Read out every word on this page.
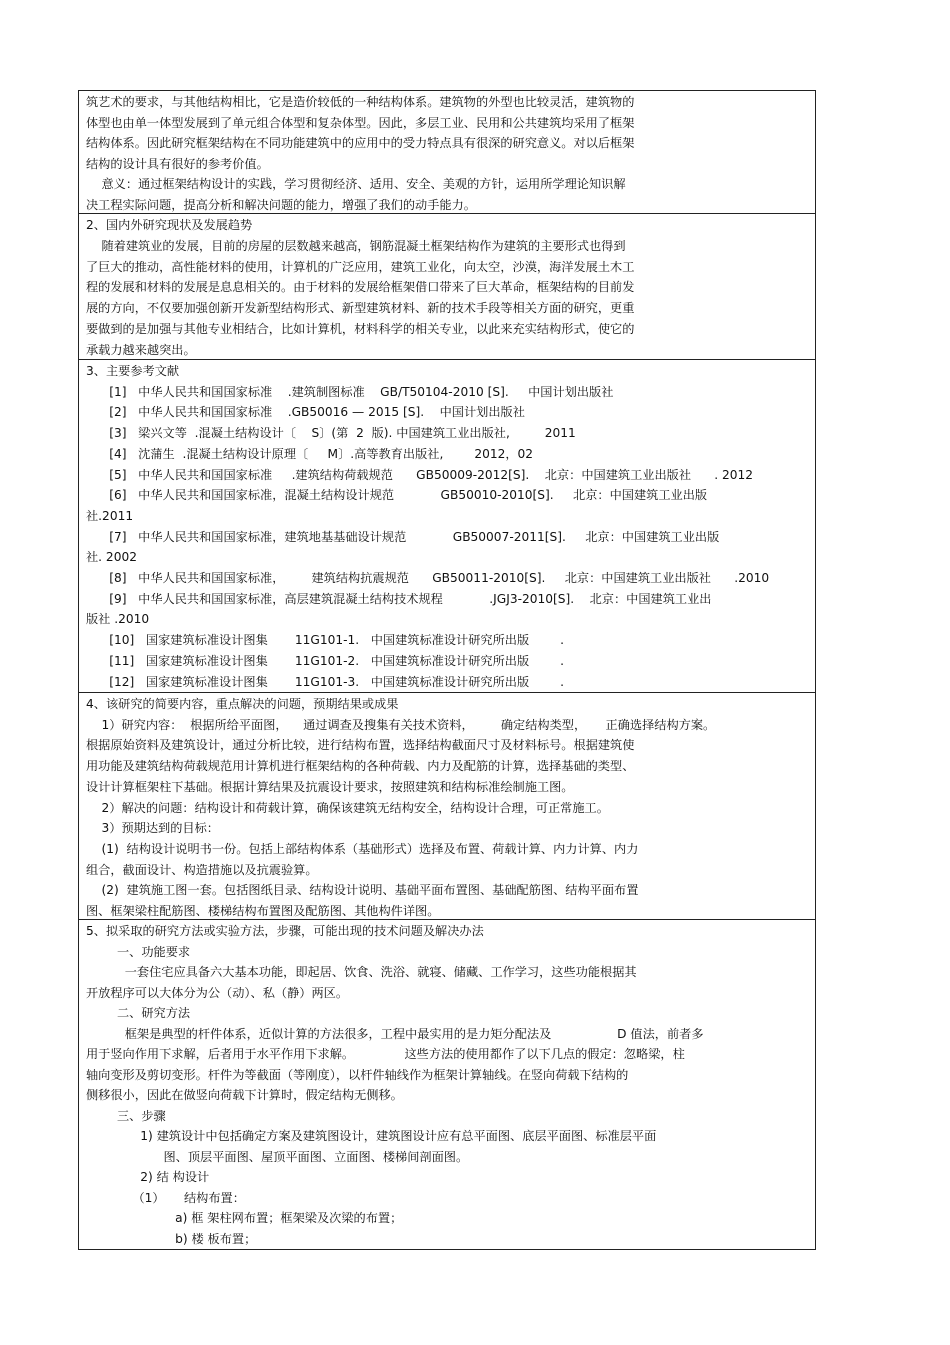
筑艺术的要求，与其他结构相比，它是造价较低的一种结构体系。建筑物的外型也比较灵活，建筑物的
体型也由单一体型发展到了单元组合体型和复杂体型。因此，多层工业、民用和公共建筑均采用了框架
结构体系。因此研究框架结构在不同功能建筑中的应用中的受力特点具有很深的研究意义。对以后框架
结构的设计具有很好的参考价值。
意义：通过框架结构设计的实践，学习贯彻经济、适用、安全、美观的方针，运用所学理论知识解
决工程实际问题，提高分析和解决问题的能力，增强了我们的动手能力。
2、国内外研究现状及发展趋势
随着建筑业的发展，目前的房屋的层数越来越高，钢筋混凝土框架结构作为建筑的主要形式也得到
了巨大的推动，高性能材料的使用，计算机的广泛应用，建筑工业化，向太空，沙漠，海洋发展土木工
程的发展和材料的发展是息息相关的。由于材料的发展给框架借口带来了巨大革命，框架结构的目前发
展的方向，不仅要加强创新开发新型结构形式、新型建筑材料、新的技术手段等相关方面的研究，更重
要做到的是加强与其他专业相结合，比如计算机，材料科学的相关专业，以此来充实结构形式，使它的
承载力越来越突出。
3、主要参考文献
[1]   中华人民共和国国家标准    .建筑制图标准    GB/T50104-2010 [S].     中国计划出版社
[2]   中华人民共和国国家标准    .GB50016 — 2015 [S].    中国计划出版社
[3]   梁兴文等  .混凝土结构设计〔    S〕(第  2  版). 中国建筑工业出版社,         2011
[4]   沈蒲生  .混凝土结构设计原理〔     M〕.高等教育出版社,        2012，02
[5]   中华人民共和国国家标准     .建筑结构荷载规范      GB50009-2012[S].    北京：中国建筑工业出版社      . 2012
[6]   中华人民共和国国家标准，混凝土结构设计规范            GB50010-2010[S].     北京：中国建筑工业出版
社.2011
[7]   中华人民共和国国家标准，建筑地基基础设计规范            GB50007-2011[S].     北京：中国建筑工业出版
社. 2002
[8]   中华人民共和国国家标准，       建筑结构抗震规范      GB50011-2010[S].     北京：中国建筑工业出版社      .2010
[9]   中华人民共和国国家标准，高层建筑混凝土结构技术规程            .JGJ3-2010[S].    北京：中国建筑工业出
版社 .2010
[10]   国家建筑标准设计图集       11G101-1.   中国建筑标准设计研究所出版        .
[11]   国家建筑标准设计图集       11G101-2.   中国建筑标准设计研究所出版        .
[12]   国家建筑标准设计图集       11G101-3.   中国建筑标准设计研究所出版        .
4、该研究的简要内容，重点解决的问题，预期结果或成果
1）研究内容：  根据所给平面图，    通过调查及搜集有关技术资料，       确定结构类型，     正确选择结构方案。
根据原始资料及建筑设计，通过分析比较，进行结构布置，选择结构截面尺寸及材料标号。根据建筑使
用功能及建筑结构荷载规范用计算机进行框架结构的各种荷载、内力及配筋的计算，选择基础的类型、
设计计算框架柱下基础。根据计算结果及抗震设计要求，按照建筑和结构标准绘制施工图。
2）解决的问题：结构设计和荷载计算，确保该建筑无结构安全，结构设计合理，可正常施工。
3）预期达到的目标：
(1)  结构设计说明书一份。包括上部结构体系（基础形式）选择及布置、荷载计算、内力计算、内力
组合，截面设计、构造措施以及抗震验算。
(2)  建筑施工图一套。包括图纸目录、结构设计说明、基础平面布置图、基础配筋图、结构平面布置
图、框架梁柱配筋图、楼梯结构布置图及配筋图、其他构件详图。
5、拟采取的研究方法或实验方法，步骤，可能出现的技术问题及解决办法
一、功能要求
一套住宅应具备六大基本功能，即起居、饮食、洗浴、就寝、储藏、工作学习，这些功能根据其
开放程序可以大体分为公（动）、私（静）两区。
二、研究方法
框架是典型的杆件体系，近似计算的方法很多，工程中最实用的是力矩分配法及                 D 值法，前者多
用于竖向作用下求解，后者用于水平作用下求解。             这些方法的使用都作了以下几点的假定：忽略梁，柱
轴向变形及剪切变形。杆件为等截面（等刚度），以杆件轴线作为框架计算轴线。在竖向荷载下结构的
侧移很小，因此在做竖向荷载下计算时，假定结构无侧移。
三、步骤
1) 建筑设计中包括确定方案及建筑图设计，建筑图设计应有总平面图、底层平面图、标准层平面
图、顶层平面图、屋顶平面图、立面图、楼梯间剖面图。
2) 结 构设计
（1）     结构布置：
a) 框 架柱网布置；框架梁及次梁的布置；
b) 楼 板布置；
